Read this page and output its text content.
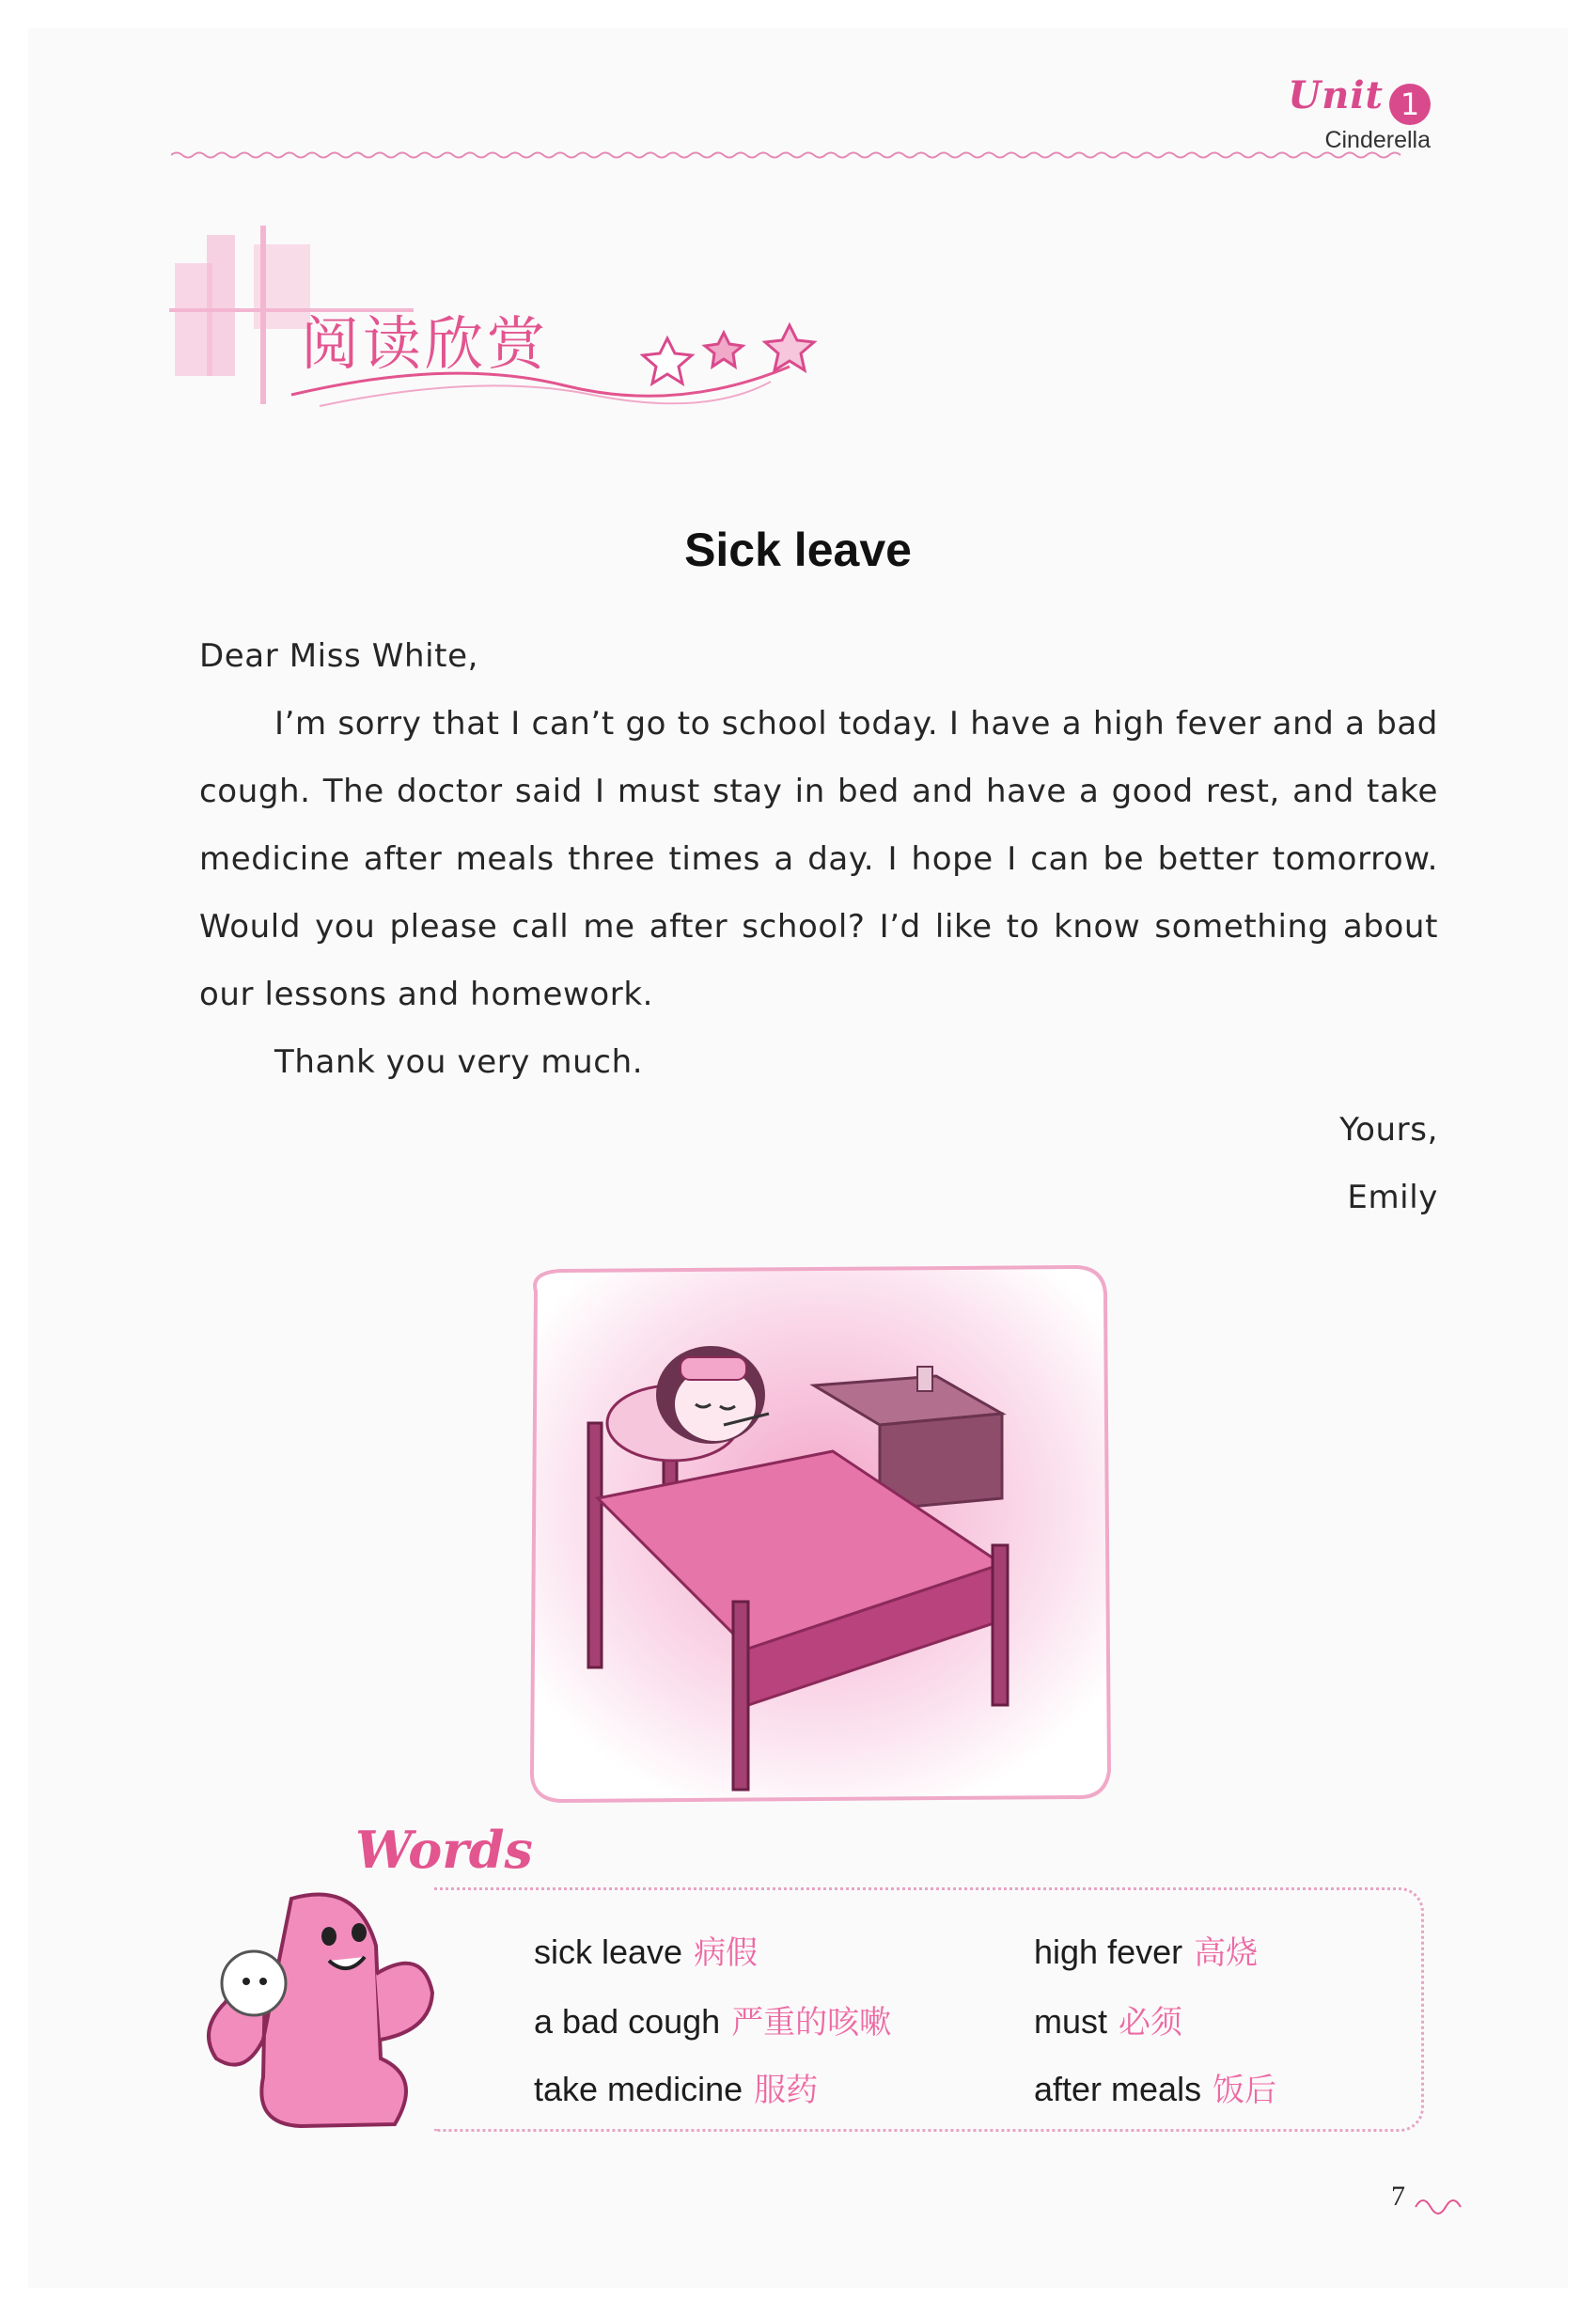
Unit 1
Cinderella
阅读欣赏
Sick leave

Dear Miss White,

I’m sorry that I can’t go to school today. I have a high fever and a bad cough. The doctor said I must stay in bed and have a good rest, and take medicine after meals three times a day. I hope I can be better tomorrow. Would you please call me after school? I’d like to know something about our lessons and homework.

Thank you very much.

Yours,

Emily

Words
sick leave 病假	high fever 高烧
a bad cough 严重的咳嗽	must 必须
take medicine 服药	after meals 饭后
7
